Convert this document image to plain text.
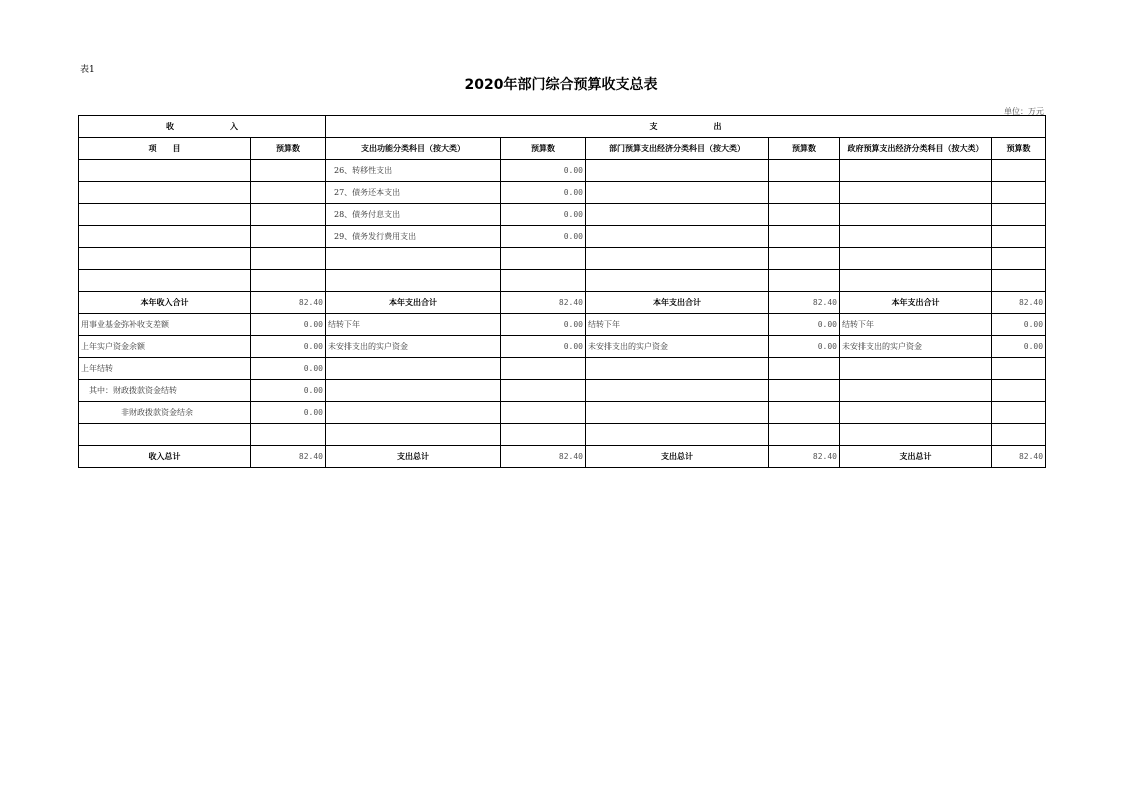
表1
2020年部门综合预算收支总表
单位：万元
收　　　　　　　入		支　　　　　　　出					
项　　目	预算数	支出功能分类科目（按大类）	预算数	部门预算支出经济分类科目（按大类）	预算数	政府预算支出经济分类科目（按大类）	预算数
		26、转移性支出	0.00				
		27、债务还本支出	0.00				
		28、债务付息支出	0.00				
		29、债务发行费用支出	0.00				

本年收入合计	82.40	本年支出合计	82.40	本年支出合计	82.40	本年支出合计	82.40
用事业基金弥补收支差额	0.00	结转下年	0.00	结转下年	0.00	结转下年	0.00
上年实户资金余额	0.00	未安排支出的实户资金	0.00	未安排支出的实户资金	0.00	未安排支出的实户资金	0.00
上年结转	0.00						
其中：财政拨款资金结转	0.00						
非财政拨款资金结余	0.00						

收入总计	82.40	支出总计	82.40	支出总计	82.40	支出总计	82.40
